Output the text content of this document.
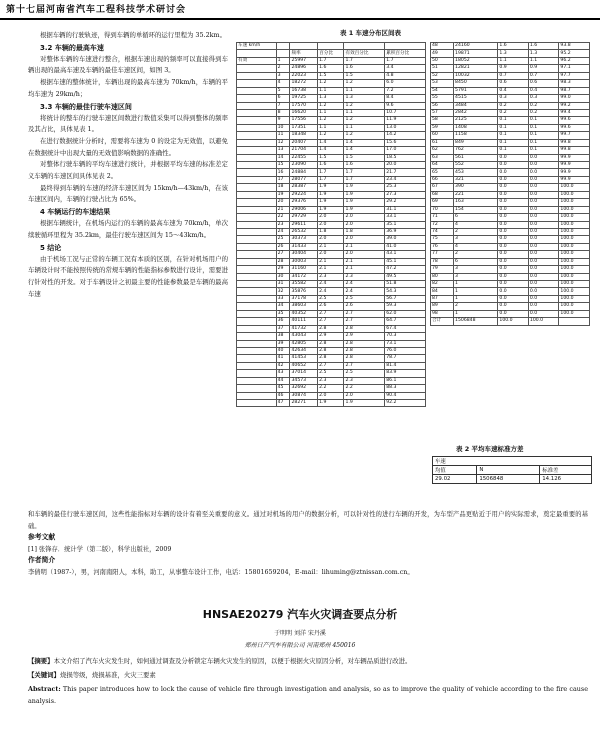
第十七届河南省汽车工程科技学术研讨会

根据车辆的行驶轨迹，得到车辆的单循环的运行里程为 35.2km。

3.2 车辆的最高车速

对整体车辆的车速进行整合，根据车速出现的频率可以直接得到车辆出现的最高车速及车辆的最佳车速区间，如图 3。

根据车速的整体统计，车辆出现的最高车速为 70km/h，车辆的平均车速为 29km/h；

3.3 车辆的最佳行驶车速区间

将统计的整车的行驶车速区间数进行数值采集可以得到整体的频率及其占比，具体见表 1。

在进行数据统计分析时，需要将车速为 0 的设定为无效值，以避免在数据统计中出现大量的无效值影响数据的准确性。

对整体行驶车辆的平均车速进行统计，并根据平均车速的标准差定义车辆的车速区间具体见表 2。

最终得到车辆的车速的经济车速区间为 15km/h—43km/h，在该车速区间内，车辆的行驶占比为 65%。

4 车辆运行的车速结果

根据车辆统计，在机场内运行的车辆的最高车速为 70km/h，单次续驶循环里程为 35.2km，最佳行驶车速区间为 15～43km/h。

5 结论

由于机场工况与正常的车辆工况有本质的区别，在针对机场用户的车辆设计时不能按照传统的常规车辆的性能指标参数进行设计，需要进行针对性的开发。对于车辆设计之初最主要的性能参数最是车辆的最高车速

表 1 车速分布区间表
车速 km/h					
		频率	百分比	有效百分比	累积百分比
有效	1	25997	1.7	1.7	1.7
	2	24896	1.6	1.6	3.4
	3	22023	1.5	1.5	4.8
	4	18272	1.2	1.2	6.0
	5	16738	1.1	1.1	7.2
	6	19725	1.3	1.3	8.4
	7	17570	1.2	1.2	9.6
	8	16620	1.1	1.1	10.7
	9	17556	1.2	1.2	11.9
	10	17351	1.1	1.1	13.0
	11	18348	1.2	1.2	14.2
	12	20407	1.4	1.4	15.6
	13	21704	1.4	1.4	17.0
	14	22455	1.5	1.5	18.5
	15	23090	1.6	1.6	20.0
	16	24884	1.7	1.7	21.7
	17	28077	1.7	1.7	23.4
	18	28387	1.9	1.9	25.3
	19	29224	1.9	1.9	27.3
	20	29376	1.9	1.9	29.2
	21	29006	1.9	1.9	31.1
	22	29729	2.0	2.0	33.1
	23	29611	2.0	2.0	35.1
	24	26532	1.8	1.8	36.9
	25	30373	2.0	2.0	39.0
	26	31433	2.1	2.1	41.0
	27	30404	2.0	2.0	43.1
	28	30003	2.1	2.1	45.1
	29	31160	2.1	2.1	47.2
	30	34172	2.3	2.3	49.5
	31	35582	2.4	2.4	51.8
	32	35876	2.4	2.4	54.3
	33	37178	2.5	2.5	56.7
	34	38603	2.6	2.6	59.3
	35	40352	2.7	2.7	62.0
	36	40111	2.7	2.7	64.7
	37	41732	2.8	2.8	67.4
	38	43043	2.9	2.9	70.3
	39	42805	2.8	2.8	73.1
	40	42634	2.8	2.8	76.0
	41	41453	2.8	2.8	78.7
	42	40652	2.7	2.7	81.4
	43	37014	2.5	2.5	83.9
	44	34573	2.3	2.3	86.1
	45	32692	2.2	2.2	88.3
	46	30874	2.0	2.0	90.4
	47	28271	1.9	1.9	92.2
48	24160	1.6	1.6	93.8
49	19871	1.3	1.3	95.2
50	18052	1.1	1.1	96.2
51	12821	0.9	0.9	97.1
52	10032	0.7	0.7	97.7
53	8450	0.6	0.6	98.3
54	5791	0.4	0.4	98.7
55	4515	0.3	0.3	99.0
56	3484	0.2	0.2	99.2
57	2842	0.2	0.2	99.4
58	2125	0.1	0.1	99.6
59	1408	0.1	0.1	99.6
60	1158	0.1	0.1	99.7
61	849	0.1	0.1	99.8
62	762	0.1	0.1	99.8
63	561	0.0	0.0	99.9
64	552	0.0	0.0	99.9
65	453	0.0	0.0	99.9
66	321	0.0	0.0	99.9
67	390	0.0	0.0	100.0
68	221	0.0	0.0	100.0
69	163	0.0	0.0	100.0
70	154	0.0	0.0	100.0
71	6	0.0	0.0	100.0
72	4	0.0	0.0	100.0
74	2	0.0	0.0	100.0
75	3	0.0	0.0	100.0
76	4	0.0	0.0	100.0
77	2	0.0	0.0	100.0
78	6	0.0	0.0	100.0
79	3	0.0	0.0	100.0
80	3	0.0	0.0	100.0
82	1	0.0	0.0	100.0
84	1	0.0	0.0	100.0
87	1	0.0	0.0	100.0
89	2	0.0	0.0	100.0
98	1	0.0	0.0	100.0
合计	1506848	100.0	100.0	
表 2 平均车速标准方差
车速		
均值	N	标准差
29.02	1506848	14.126

和车辆的最佳行驶车速区间，这些性能指标对车辆的设计有着至关重要的意义。通过对机场的用户的数据分析，可以针对性的进行车辆的开发，为车型产品更贴近于用户的实际需求，奠定最重要的基础。

参考文献

[1] 张锋存．统计学（第二版），科学出版社，2009

作者简介

李倩明（1987-），男，河南南阳人，本科，助工，从事整车设计工作，电话：15801659204，E-mail：lihuming@ztnissan.com.cn。

HNSAE20279 汽车火灾调查要点分析
于明明 刘洋 宋丹溪
郑州日产汽车有限公司 河南郑州 450016

【摘要】本文介绍了汽车火灾发生时，如何通过调查及分析锁定车辆火灾发生的原因，以便于根据火灾原因分析，对车辆品质进行改进。

【关键词】烧损等级，烧损基准，火灾三要素

Abstract: This paper introduces how to lock the cause of vehicle fire through investigation and analysis, so as to improve the quality of vehicle according to the fire cause analysis.
